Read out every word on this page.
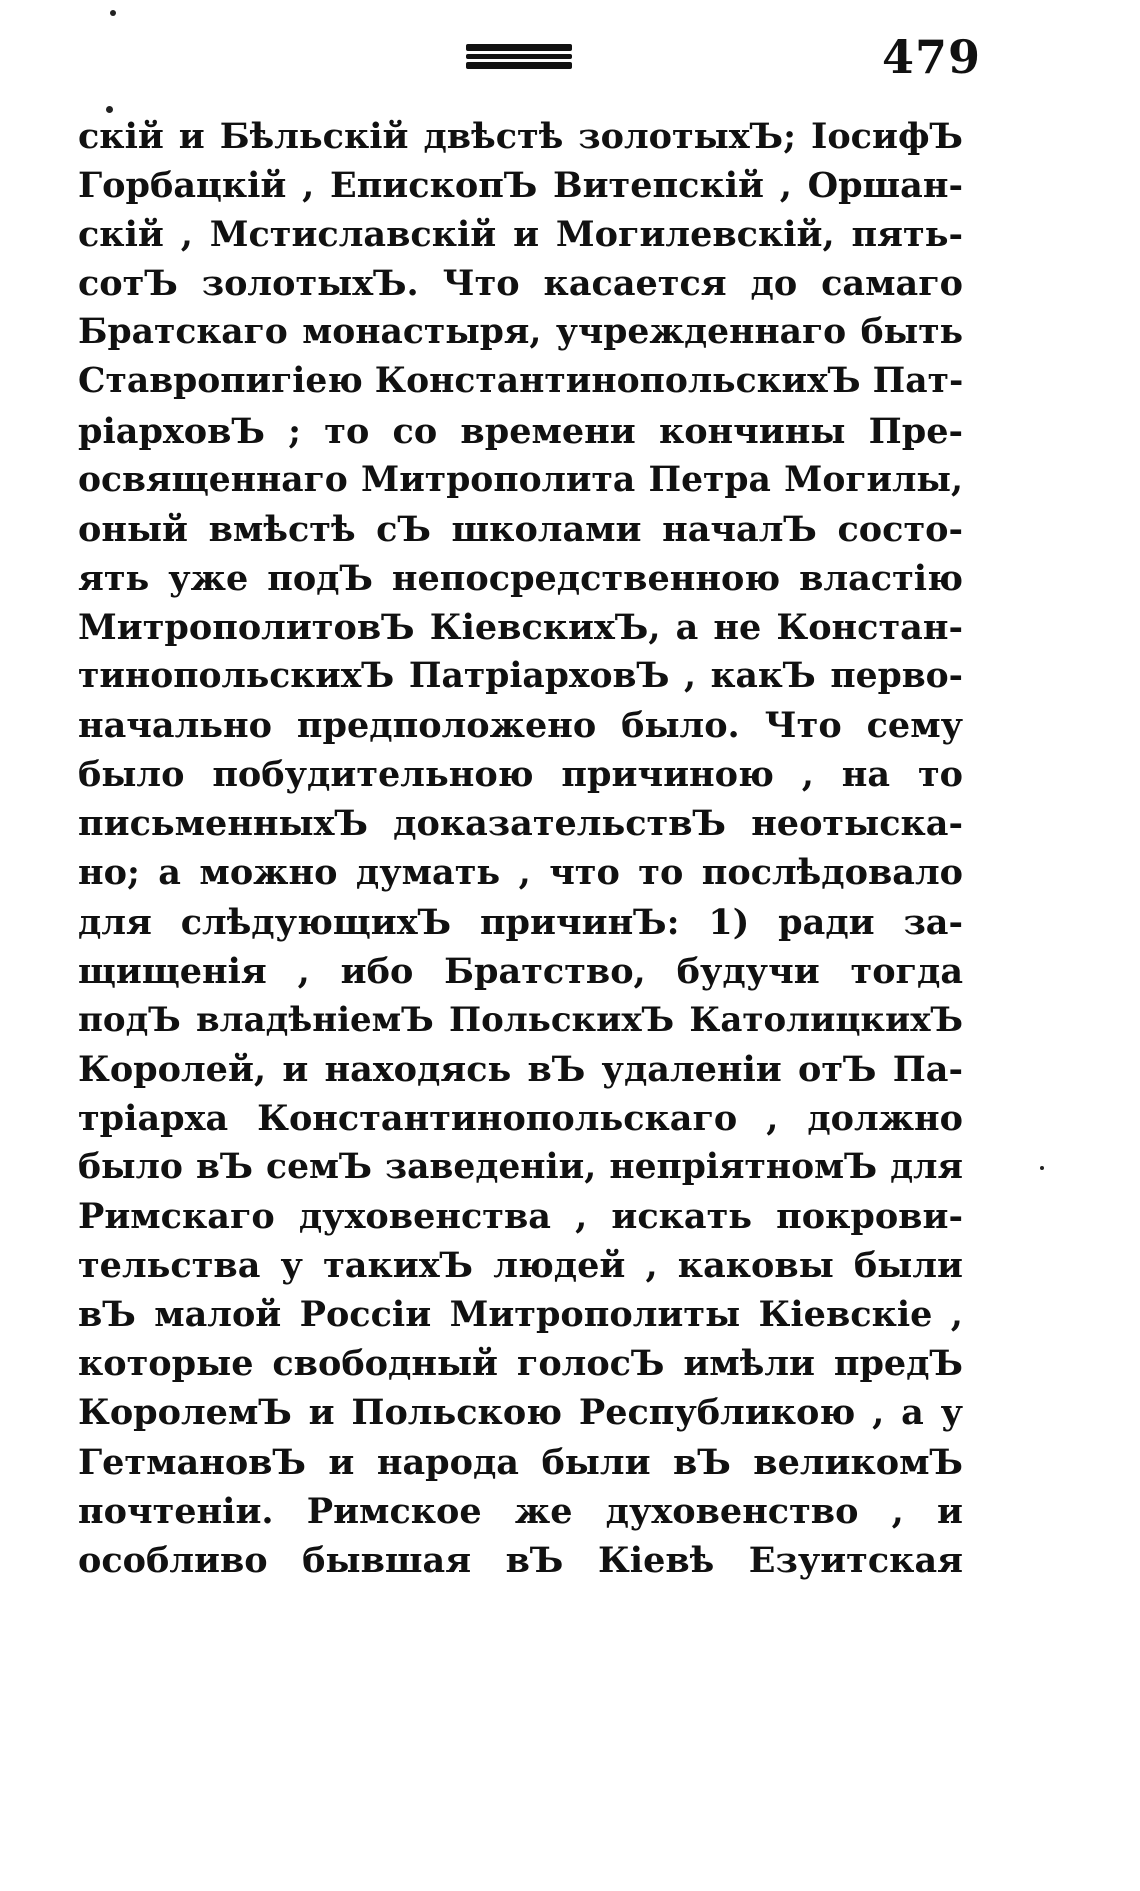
479
скій и Бѣльскій двѣстѣ золотыхЪ; ІосифЪ
Горбацкій , ЕпископЪ Витепскій , Оршан-
скій , Мстиславскій и Могилевскій, пять-
сотЪ золотыхЪ. Что касается до самаго
Братскаго монастыря, учрежденнаго быть
Ставропигіею КонстантинопольскихЪ Пат-
ріарховЪ ; то со времени кончины Пре-
освященнаго Митрополита Петра Могилы,
оный вмѣстѣ сЪ школами началЪ состо-
ять уже подЪ непосредственною властію
МитрополитовЪ КіевскихЪ, а не Констан-
тинопольскихЪ ПатріарховЪ , какЪ перво-
начально предположено было. Что сему
было побудительною причиною , на то
письменныхЪ доказательствЪ неотыска-
но; а можно думать , что то послѣдовало
для слѣдующихЪ причинЪ: 1) ради за-
щищенія , ибо Братство, будучи тогда
подЪ владѣніемЪ ПольскихЪ КатолицкихЪ
Королей, и находясь вЪ удаленіи отЪ Па-
тріарха Константинопольскаго , должно
было вЪ семЪ заведеніи, непріятномЪ для
Римскаго духовенства , искать покрови-
тельства у такихЪ людей , каковы были
вЪ малой Россіи Митрополиты Кіевскіе ,
которые свободный голосЪ имѣли предЪ
КоролемЪ и Польскою Республикою , а у
ГетмановЪ и народа были вЪ великомЪ
почтеніи. Римское же духовенство , и
особливо бывшая вЪ Кіевѣ Езуитская
